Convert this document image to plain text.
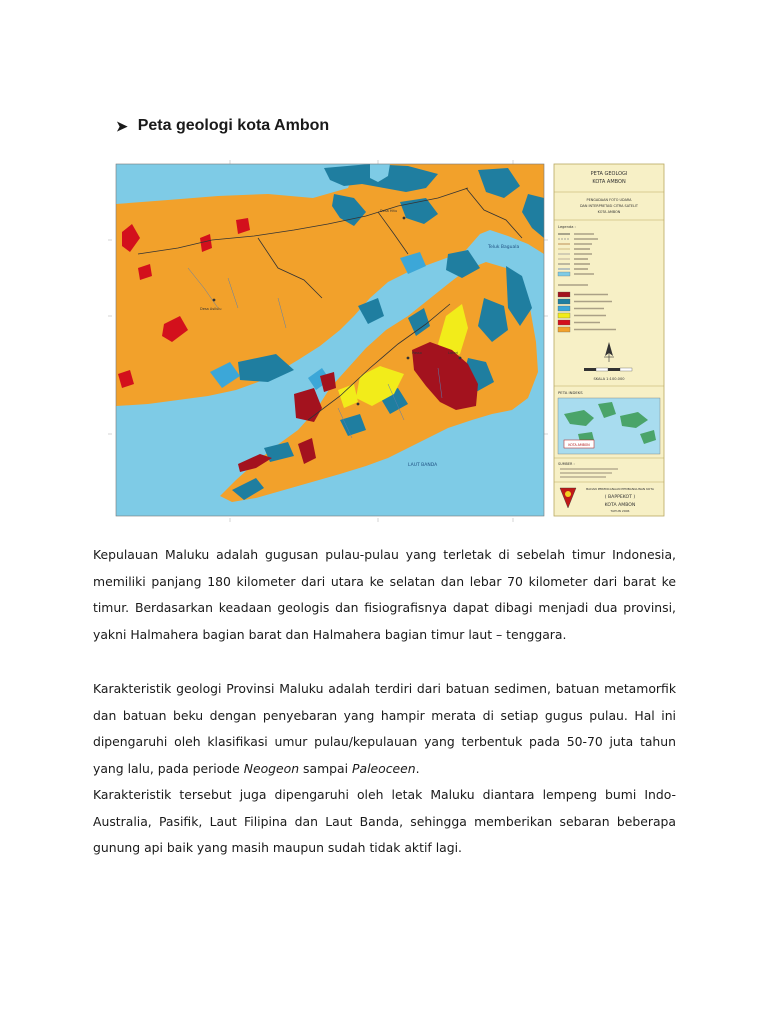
➤ Peta geologi kota Ambon
Desa Asilulu
Desa Hitu
Passo	Lateri
LAUT BANDA
Teluk Baguala
PETA GEOLOGI
KOTA AMBON
PENGADAAN FOTO UDARA
DAN INTERPRETASI CITRA SATELIT
KOTA AMBON
Legenda :
SKALA 1:100.000
PETA INDEKS
KOTA AMBON
SUMBER :
BADAN PERENCANAAN PEMBANGUNAN KOTA
( BAPPEKOT )
KOTA AMBON
TAHUN 2006

Kepulauan Maluku adalah gugusan pulau-pulau yang terletak di sebelah timur Indonesia, memiliki panjang 180 kilometer dari utara ke selatan dan lebar 70 kilometer dari barat ke timur. Berdasarkan keadaan geologis dan fisiografisnya dapat dibagi menjadi dua provinsi, yakni Halmahera bagian barat dan Halmahera bagian timur laut – tenggara.

Karakteristik geologi Provinsi Maluku adalah terdiri dari batuan sedimen, batuan metamorfik dan batuan beku dengan penyebaran yang hampir merata di setiap gugus pulau. Hal ini dipengaruhi oleh klasifikasi umur pulau/kepulauan yang terbentuk pada 50-70 juta tahun yang lalu, pada periode Neogeon sampai Paleoceen.

Karakteristik tersebut juga dipengaruhi oleh letak Maluku diantara lempeng bumi Indo-Australia, Pasifik, Laut Filipina dan Laut Banda, sehingga memberikan sebaran beberapa gunung api baik yang masih maupun sudah tidak aktif lagi.
